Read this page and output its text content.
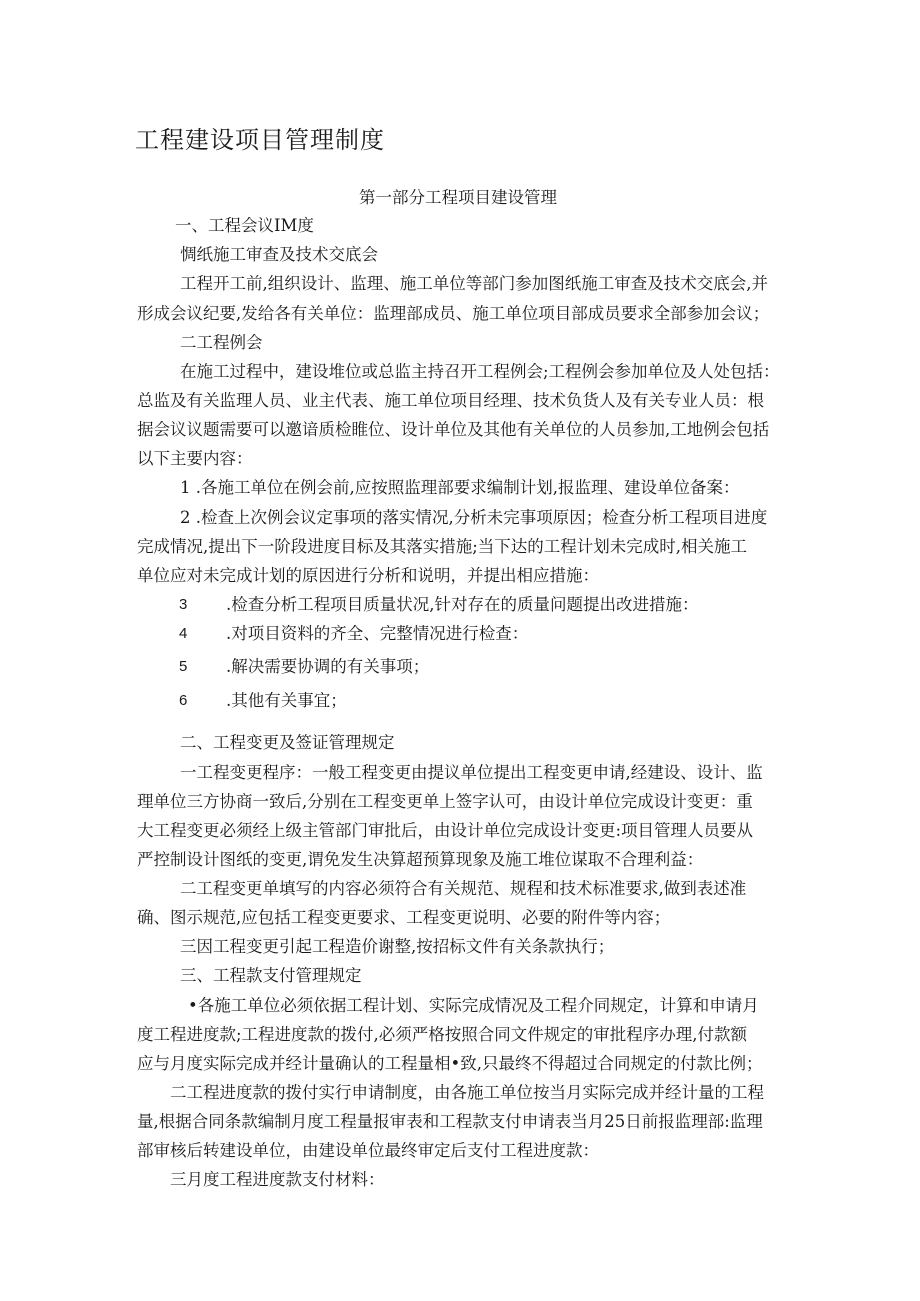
工程建设项目管理制度
第一部分工程项目建设管理
一、工程会议IM度
惆纸施工审查及技术交底会
工程开工前,组织设计、监理、施工单位等部门参加图纸施工审查及技术交底会,并
形成会议纪要,发给各有关单位：监理部成员、施工单位项目部成员要求全部参加会议；
二工程例会
在施工过程中，建设堆位或总监主持召开工程例会;工程例会参加单位及人处包括：
总监及有关监理人员、业主代表、施工单位项目经理、技术负货人及有关专业人员：根
据会议议题需要可以邀谙质检睢位、设计单位及其他有关单位的人员参加,工地例会包括
以下主要内容：
1 .各施工单位在例会前,应按照监理部要求编制计划,报监理、建设单位备案：
2 .检查上次例会议定事项的落实情况,分析未完事项原因；检查分析工程项目进度
完成情况,提出下一阶段进度目标及其落实措施;当下达的工程计划未完成时,相关施工
单位应对未完成计划的原因进行分析和说明，并提出相应措施：
3 .检查分析工程项目质量状况,针对存在的质量问题提出改进措施：
4 .对项目资料的齐全、完整情况进行检查：
5 .解决需要协调的有关事项；
6 .其他有关事宜；
二、工程变更及签证管理规定
一工程变更程序：一般工程变更由提议单位提出工程变更申请,经建设、设计、监
理单位三方协商一致后,分别在工程变更单上签字认可，由设计单位完成设计变更：重
大工程变更必须经上级主管部门审批后，由设计单位完成设计变更:项目管理人员要从
严控制设计图纸的变更,谓免发生决算超预算现象及施工堆位谋取不合理利益：
二工程变更单填写的内容必须符合有关规范、规程和技术标准要求,做到表述准
确、图示规范,应包括工程变更要求、工程变更说明、必要的附件等内容；
三因工程变更引起工程造价谢整,按招标文件有关条款执行；
三、工程款支付管理规定
•各施工单位必须依据工程计划、实际完成情况及工程介同规定，计算和申请月
度工程进度款;工程进度款的拨付,必须严格按照合同文件规定的审批程序办理,付款额
应与月度实际完成并经计量确认的工程量相•致,只最终不得超过合同规定的付款比例；
二工程进度款的拨付实行申请制度，由各施工单位按当月实际完成并经计量的工程
量,根据合同条款编制月度工程量报审表和工程款支付申请表当月25日前报监理部:监理
部审核后转建设单位，由建设单位最终审定后支付工程进度款：
三月度工程进度款支付材料：
